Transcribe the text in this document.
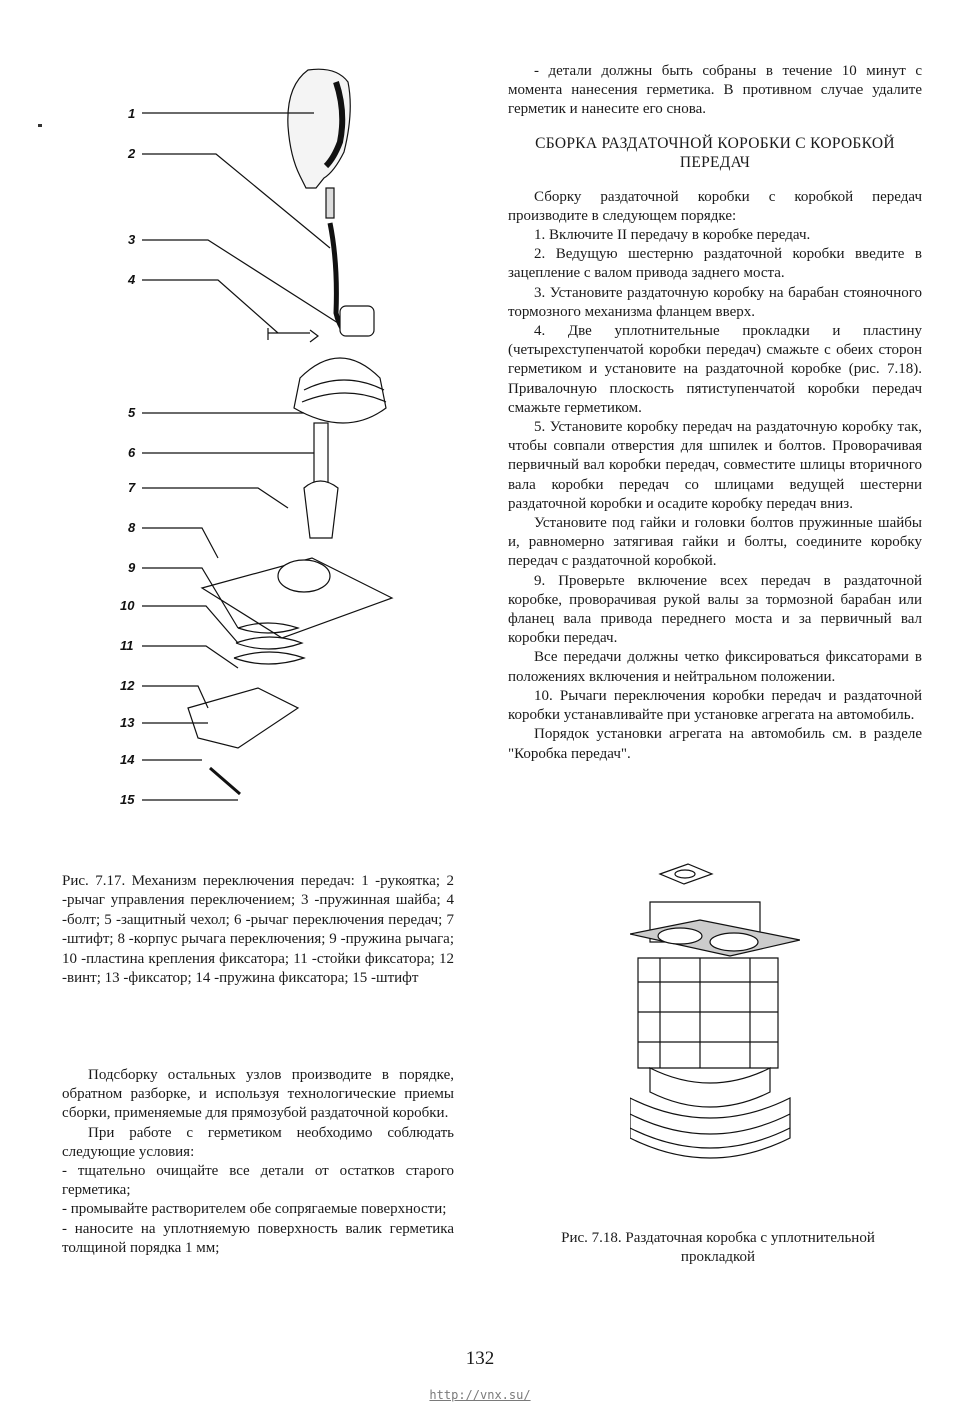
1
2
3
4
5
6
7
8
9
10
11
12
13
14
15

- детали должны быть собраны в течение 10 минут с момента нанесения герметика. В противном случае удалите герметик и нанесите его снова.

СБОРКА РАЗДАТОЧНОЙ КОРОБКИ С КОРОБКОЙ ПЕРЕДАЧ

Сборку раздаточной коробки с коробкой передач производите в следующем порядке:

1. Включите II передачу в коробке передач.

2. Ведущую шестерню раздаточной коробки введите в зацепление с валом привода заднего моста.

3. Установите раздаточную коробку на барабан стояночного тормозного механизма фланцем вверх.

4. Две уплотнительные прокладки и пластину (четырехступенчатой коробки передач) смажьте с обеих сторон герметиком и установите на раздаточной коробке (рис. 7.18). Привалочную плоскость пятиступенчатой коробки передач смажьте герметиком.

5. Установите коробку передач на раздаточную коробку так, чтобы совпали отверстия для шпилек и болтов. Проворачивая первичный вал коробки передач, совместите шлицы вторичного вала коробки передач со шлицами ведущей шестерни раздаточной коробки и осадите коробку передач вниз.

Установите под гайки и головки болтов пружинные шайбы и, равномерно затягивая гайки и болты, соедините коробку передач с раздаточной коробкой.

9. Проверьте включение всех передач в раздаточной коробке, проворачивая рукой валы за тормозной барабан или фланец вала привода переднего моста и за первичный вал коробки передач.

Все передачи должны четко фиксироваться фиксаторами в положениях включения и нейтральном положении.

10. Рычаги переключения коробки передач и раздаточной коробки устанавливайте при установке агрегата на автомобиль.

Порядок установки агрегата на автомобиль см. в разделе "Коробка передач".

Рис. 7.17. Механизм переключения передач: 1 -рукоятка; 2 -рычаг управления переключением; 3 -пружинная шайба; 4 -болт; 5 -защитный чехол; 6 -рычаг переключения передач; 7 -штифт; 8 -корпус рычага переключения; 9 -пружина рычага; 10 -пластина крепления фиксатора; 11 -стойки фиксатора; 12 -винт; 13 -фиксатор; 14 -пружина фиксатора; 15 -штифт

Подсборку остальных узлов производите в порядке, обратном разборке, и используя технологические приемы сборки, применяемые для прямозубой раздаточной коробки.

При работе с герметиком необходимо соблюдать следующие условия:

- тщательно очищайте все детали от остатков старого герметика;

- промывайте растворителем обе сопрягаемые поверхности;

- наносите на уплотняемую поверхность валик герметика толщиной порядка 1 мм;

Рис. 7.18. Раздаточная коробка с уплотнительной прокладкой
132
http://vnx.su/
